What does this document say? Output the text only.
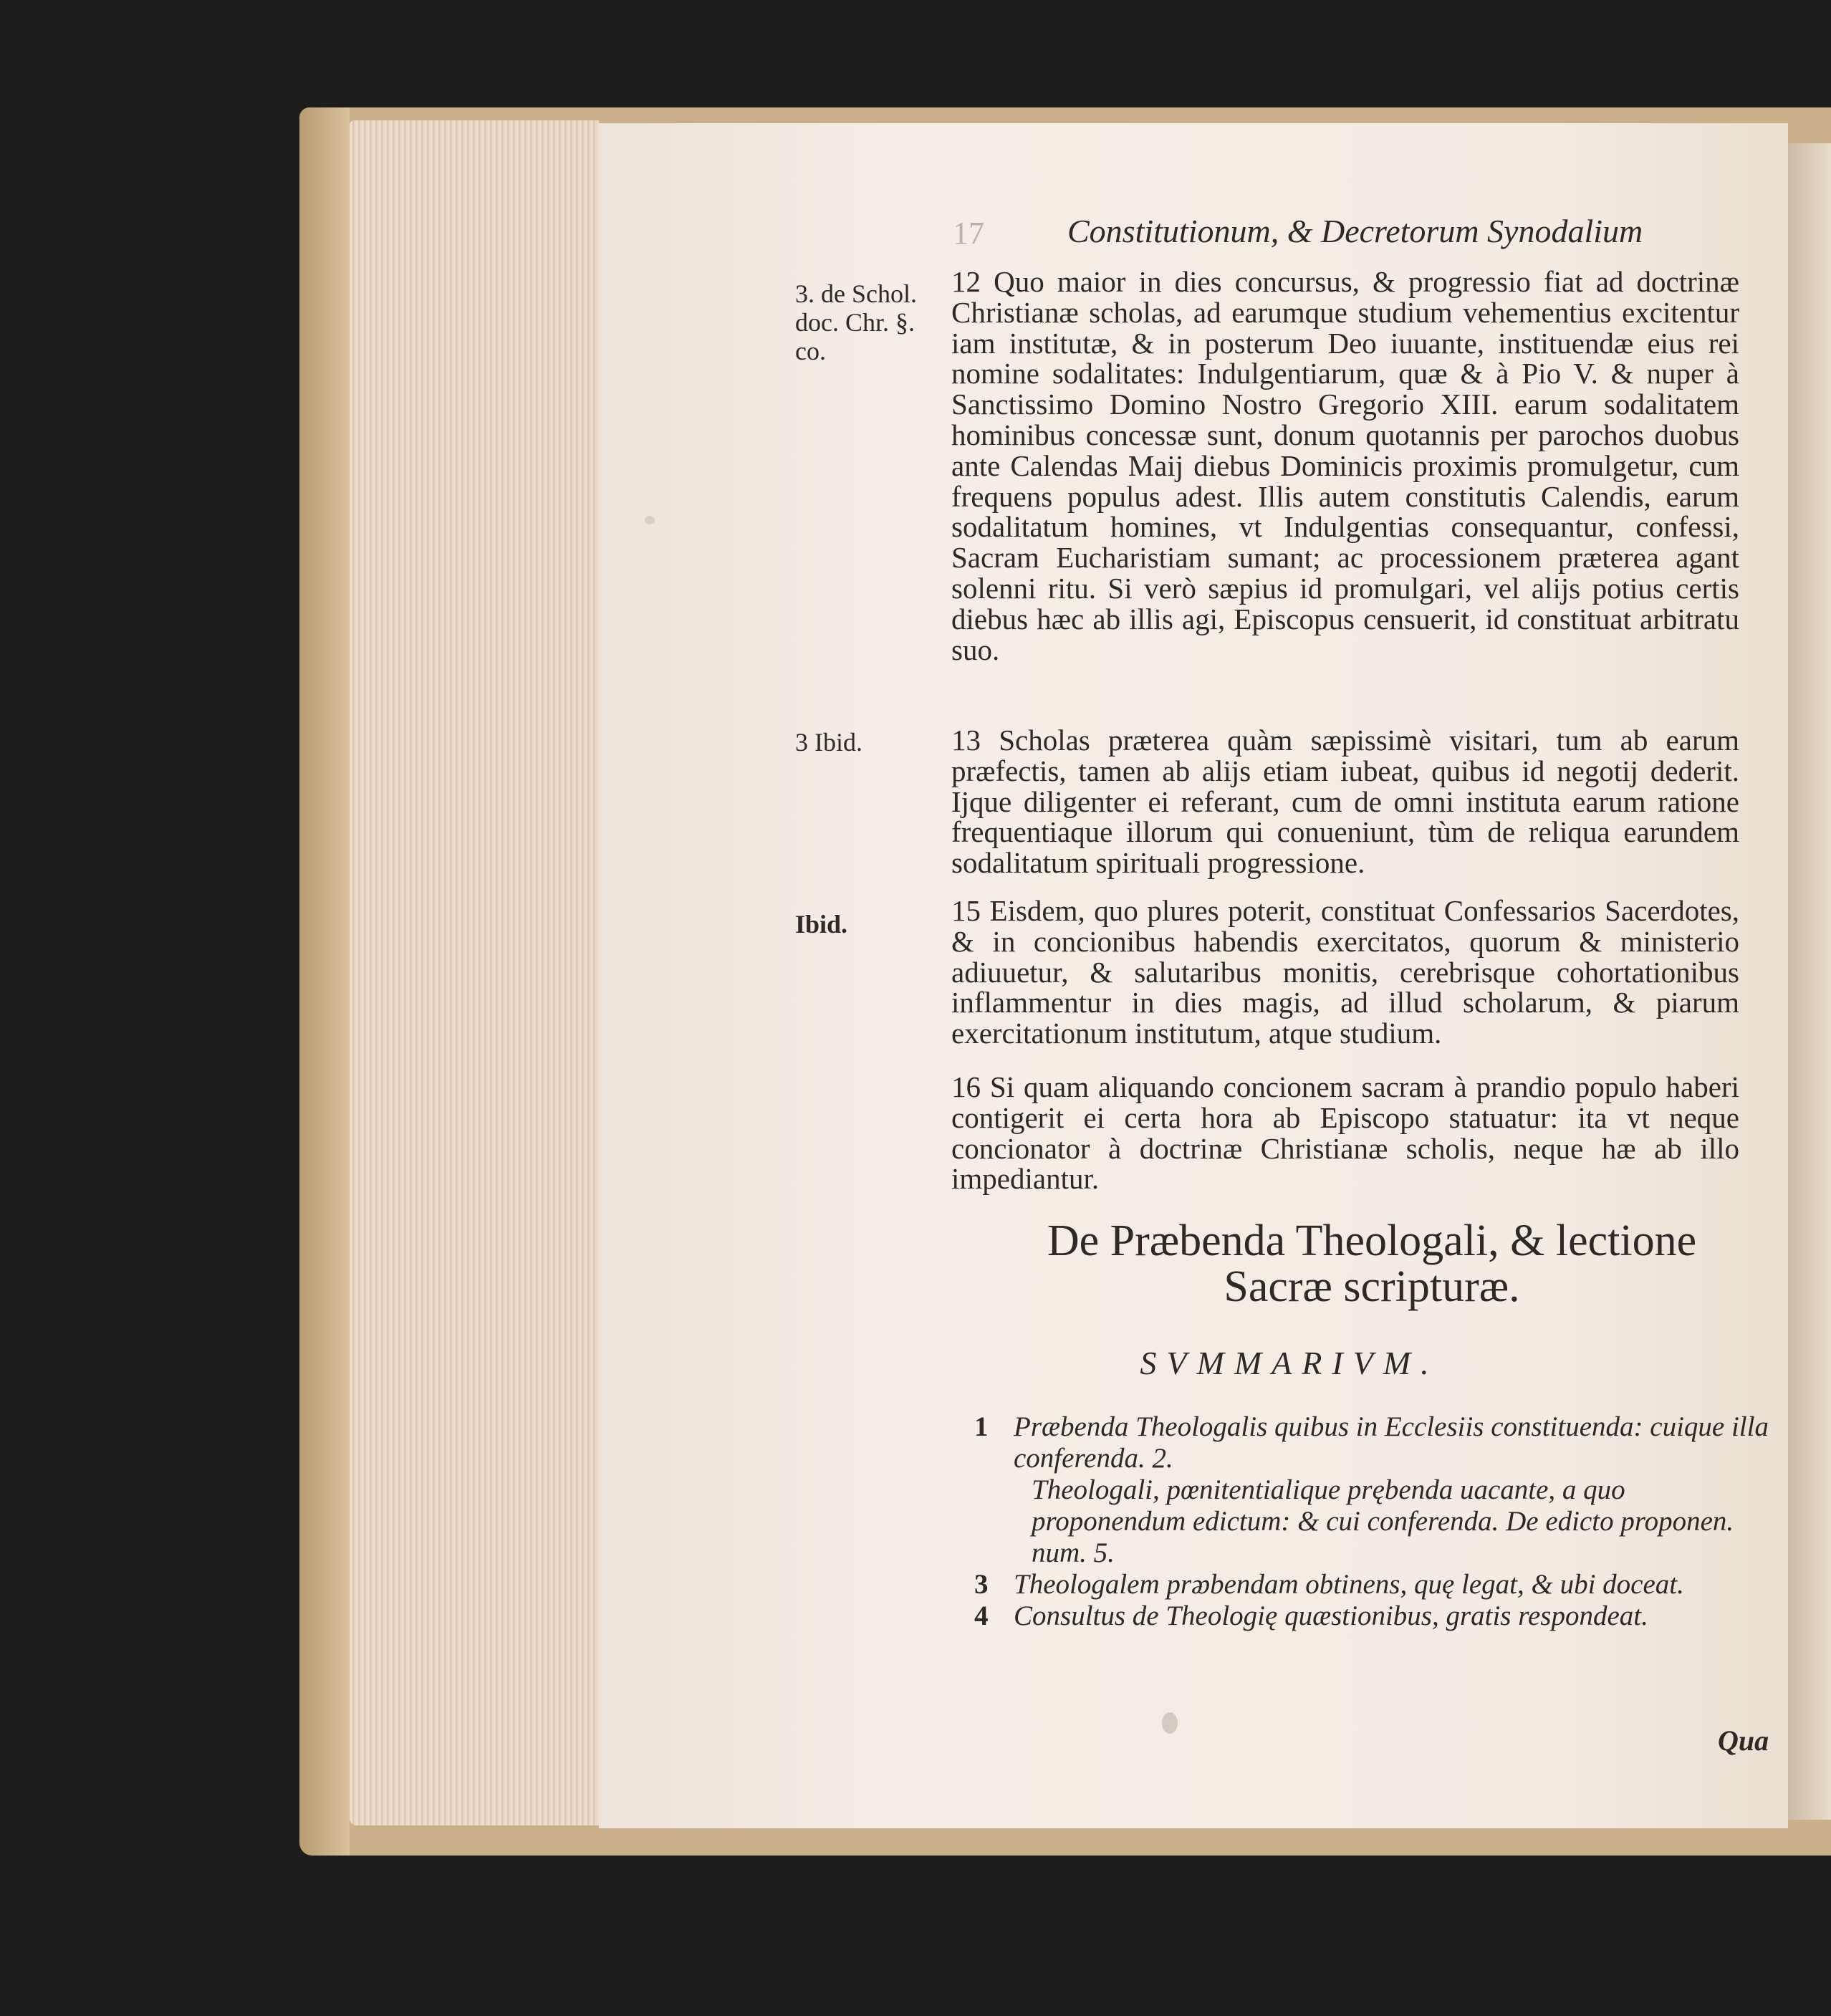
17	Constitutionum, & Decretorum Synodalium
3. de Schol.
doc. Chr. §.
co.
3 Ibid.
Ibid.

12 Quo maior in dies concursus, & progressio fiat ad doctrinæ Christianæ scholas, ad earumque studium vehementius excitentur iam institutæ, & in posterum Deo iuuante, instituendæ eius rei nomine sodalitates: Indulgentiarum, quæ & à Pio V. & nuper à Sanctissimo Domino Nostro Gregorio XIII. earum sodalitatem hominibus concessæ sunt, donum quotannis per parochos duobus ante Calendas Maij diebus Dominicis proximis promulgetur, cum frequens populus adest. Illis autem constitutis Calendis, earum sodalitatum homines, vt Indulgentias consequantur, confessi, Sacram Eucharistiam sumant; ac processionem præterea agant solenni ritu. Si verò sæpius id promulgari, vel alijs potius certis diebus hæc ab illis agi, Episcopus censuerit, id constituat arbitratu suo.

13 Scholas præterea quàm sæpissimè visitari, tum ab earum præfectis, tamen ab alijs etiam iubeat, quibus id negotij dederit. Ijque diligenter ei referant, cum de omni instituta earum ratione frequentiaque illorum qui conueniunt, tùm de reliqua earundem sodalitatum spirituali progressione.

15 Eisdem, quo plures poterit, constituat Confessarios Sacerdotes, & in concionibus habendis exercitatos, quorum & ministerio adiuuetur, & salutaribus monitis, cerebrisque cohortationibus inflammentur in dies magis, ad illud scholarum, & piarum exercitationum institutum, atque studium.

16 Si quam aliquando concionem sacram à prandio populo haberi contigerit ei certa hora ab Episcopo statuatur: ita vt neque concionator à doctrinæ Christianæ scholis, neque hæ ab illo impediantur.

De Præbenda Theologali, & lectione Sacræ scripturæ.
SVMMARIVM.
1 Præbenda Theologalis quibus in Ecclesiis constituenda: cuique illa conferenda. 2.
Theologali, pœnitentialique prębenda uacante, a quo proponendum edictum: & cui conferenda. De edicto proponen. num. 5.
3 Theologalem prᴂbendam obtinens, quę legat, & ubi doceat.
4 Consultus de Theologię quæstionibus, gratis respondeat.
Qua
